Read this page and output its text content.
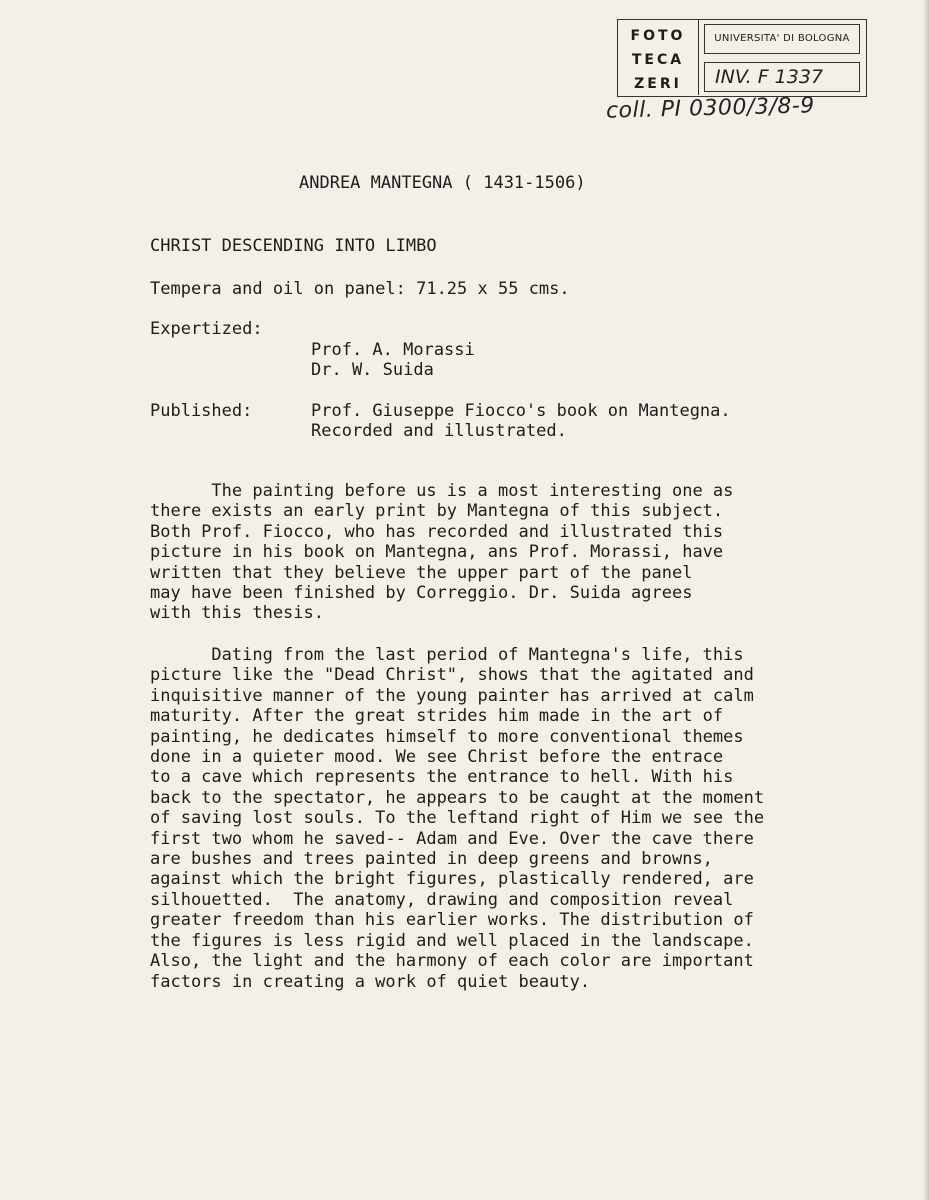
FOTO
TECA
ZERI
UNIVERSITA' DI BOLOGNA
INV. F 1337
coll. PI 0300/3/8-9
ANDREA MANTEGNA ( 1431-1506)
CHRIST DESCENDING INTO LIMBO
Tempera and oil on panel: 71.25 x 55 cms.
Expertized:
Prof. A. Morassi
Dr. W. Suida
Published:	Prof. Giuseppe Fiocco's book on Mantegna.
Recorded and illustrated.
The painting before us is a most interesting one as
there exists an early print by Mantegna of this subject.
Both Prof. Fiocco, who has recorded and illustrated this
picture in his book on Mantegna, ans Prof. Morassi, have
written that they believe the upper part of the panel
may have been finished by Correggio. Dr. Suida agrees
with this thesis.
Dating from the last period of Mantegna's life, this
picture like the "Dead Christ", shows that the agitated and
inquisitive manner of the young painter has arrived at calm
maturity. After the great strides him made in the art of
painting, he dedicates himself to more conventional themes
done in a quieter mood. We see Christ before the entrace
to a cave which represents the entrance to hell. With his
back to the spectator, he appears to be caught at the moment
of saving lost souls. To the leftand right of Him we see the
first two whom he saved-- Adam and Eve. Over the cave there
are bushes and trees painted in deep greens and browns,
against which the bright figures, plastically rendered, are
silhouetted.  The anatomy, drawing and composition reveal
greater freedom than his earlier works. The distribution of
the figures is less rigid and well placed in the landscape.
Also, the light and the harmony of each color are important
factors in creating a work of quiet beauty.
